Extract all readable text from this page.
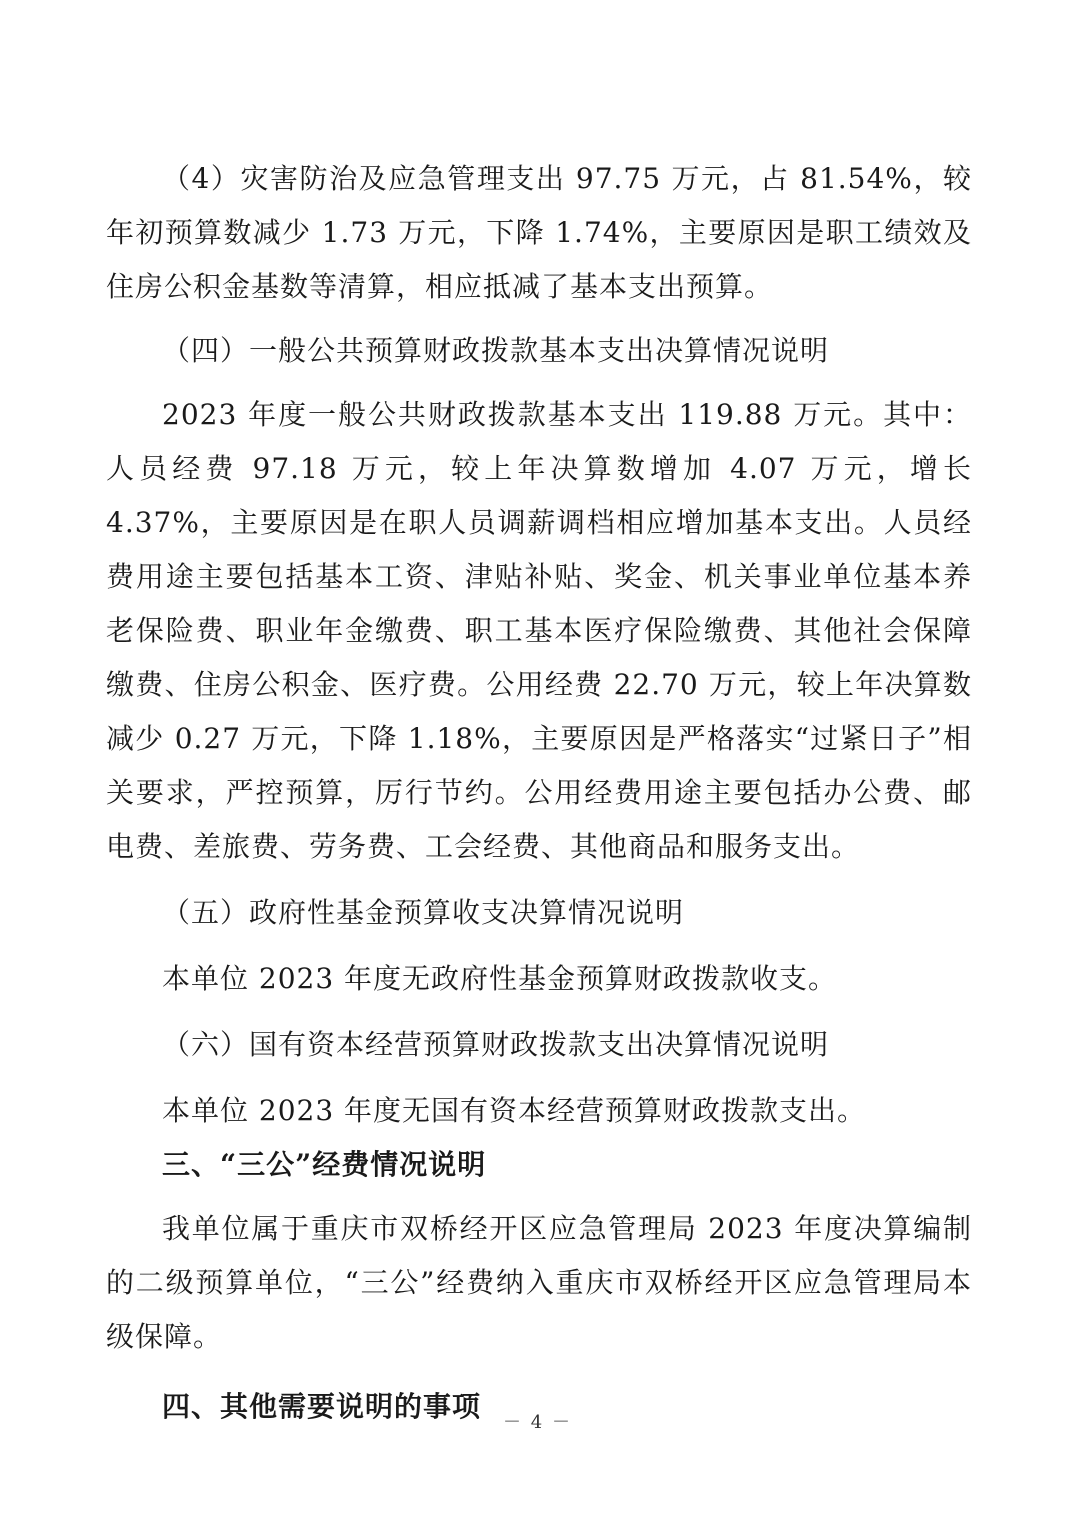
（4）灾害防治及应急管理支出 97.75 万元，占 81.54%，较年初预算数减少 1.73 万元，下降 1.74%，主要原因是职工绩效及住房公积金基数等清算，相应抵减了基本支出预算。

（四）一般公共预算财政拨款基本支出决算情况说明

2023 年度一般公共财政拨款基本支出 119.88 万元。其中：人员经费 97.18 万元，较上年决算数增加 4.07 万元，增长 4.37%，主要原因是在职人员调薪调档相应增加基本支出。人员经费用途主要包括基本工资、津贴补贴、奖金、机关事业单位基本养老保险费、职业年金缴费、职工基本医疗保险缴费、其他社会保障缴费、住房公积金、医疗费。公用经费 22.70 万元，较上年决算数减少 0.27 万元，下降 1.18%，主要原因是严格落实“过紧日子”相关要求，严控预算，厉行节约。公用经费用途主要包括办公费、邮电费、差旅费、劳务费、工会经费、其他商品和服务支出。

（五）政府性基金预算收支决算情况说明

本单位 2023 年度无政府性基金预算财政拨款收支。

（六）国有资本经营预算财政拨款支出决算情况说明

本单位 2023 年度无国有资本经营预算财政拨款支出。

三、“三公”经费情况说明

我单位属于重庆市双桥经开区应急管理局 2023 年度决算编制的二级预算单位，“三公”经费纳入重庆市双桥经开区应急管理局本级保障。

四、其他需要说明的事项	－ 4 －
